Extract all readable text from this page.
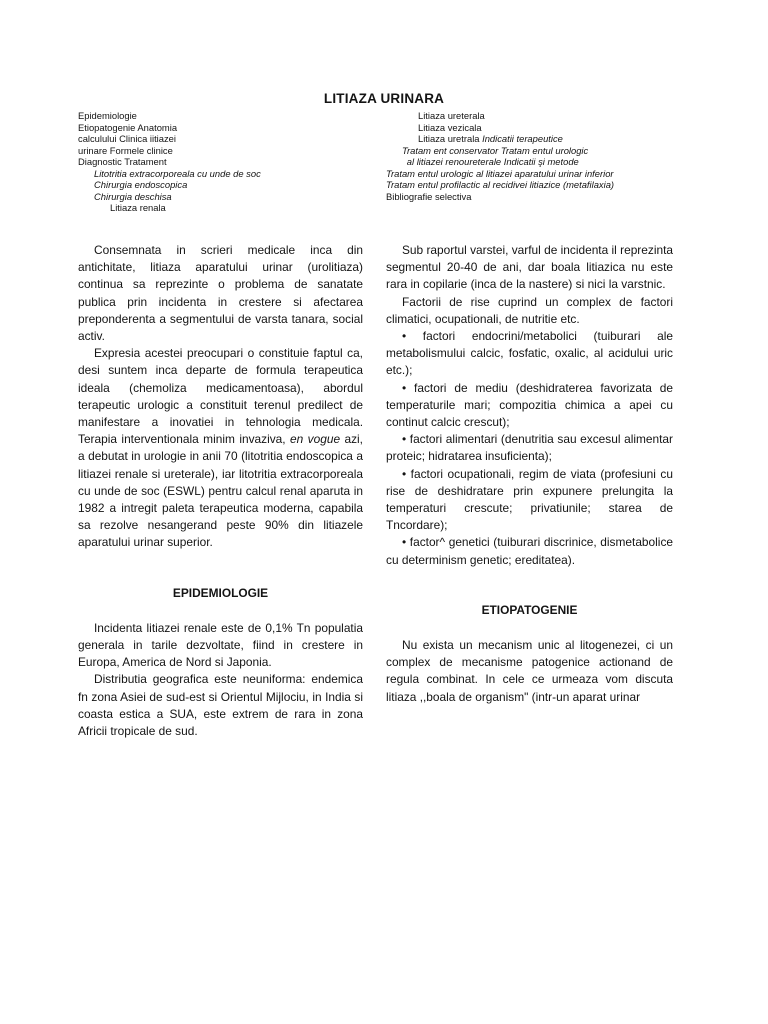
LITIAZA URINARA
Epidemiologie
Etiopatogenie Anatomia
calculului Clinica iitiazei
urinare Formele clinice
Diagnostic Tratament
Litotritia extracorporeala cu unde de soc
Chirurgia endoscopica
Chirurgia deschisa
Litiaza renala
Litiaza ureterala
Litiaza vezicala
Litiaza uretrala Indicatii terapeutice
Tratam ent conservator Tratam entul urologic
al litiazei renoureterale Indicatii şi metode
Tratam entul urologic al litiazei aparatului urinar inferior
Tratam entul profilactic al recidivei litiazice (metafilaxia)
Bibliografie selectiva

Consemnata in scrieri medicale inca din antichitate, litiaza aparatului urinar (urolitiaza) continua sa reprezinte o problema de sanatate publica prin incidenta in crestere si afectarea preponderenta a segmentului de varsta tanara, social activ.

Expresia acestei preocupari o constituie faptul ca, desi suntem inca departe de formula terapeutica ideala (chemoliza medicamentoasa), abordul terapeutic urologic a constituit terenul predilect de manifestare a inovatiei in tehnologia medicala. Terapia interventionala minim invaziva, en vogue azi, a debutat in urologie in anii 70 (litotritia endoscopica a litiazei renale si ureterale), iar litotritia extracorporeala cu unde de soc (ESWL) pentru calcul renal aparuta in 1982 a intregit paleta terapeutica moderna, capabila sa rezolve nesangerand peste 90% din litiazele aparatului urinar superior.

EPIDEMIOLOGIE

Incidenta litiazei renale este de 0,1% Tn populatia generala in tarile dezvoltate, fiind in crestere in Europa, America de Nord si Japonia.

Distributia geografica este neuniforma: endemica fn zona Asiei de sud-est si Orientul Mijlociu, in India si coasta estica a SUA, este extrem de rara in zona Africii tropicale de sud.

Sub raportul varstei, varful de incidenta il reprezinta segmentul 20-40 de ani, dar boala litiazica nu este rara in copilarie (inca de la nastere) si nici la varstnic.

Factorii de rise cuprind un complex de factori climatici, ocupationali, de nutritie etc.

• factori endocrini/metabolici (tuiburari ale metabolismului calcic, fosfatic, oxalic, al acidului uric etc.);

• factori de mediu (deshidraterea favorizata de temperaturile mari; compozitia chimica a apei cu continut calcic crescut);

• factori alimentari (denutritia sau excesul alimentar proteic; hidratarea insuficienta);

• factori ocupationali, regim de viata (profesiuni cu rise de deshidratare prin expunere prelungita la temperaturi crescute; privatiunile; starea de Tncordare);

• factor^ genetici (tuiburari discrinice, dismetabolice cu determinism genetic; ereditatea).

ETIOPATOGENIE

Nu exista un mecanism unic al litogenezei, ci un complex de mecanisme patogenice actionand de regula combinat. In cele ce urmeaza vom discuta litiaza ,,boala de organism" (intr-un aparat urinar
